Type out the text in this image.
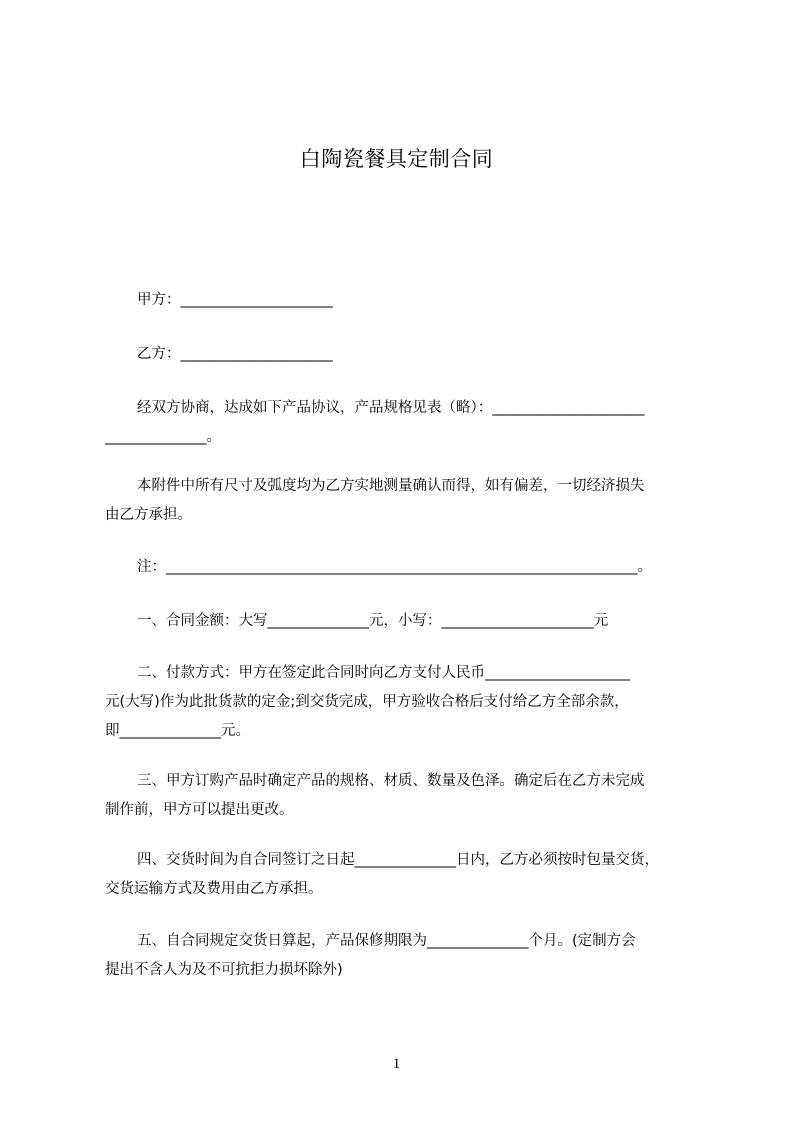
白陶瓷餐具定制合同
甲方：_____________________
乙方：_____________________
经双方协商，达成如下产品协议，产品规格见表（略）：_____________________
______________。
本附件中所有尺寸及弧度均为乙方实地测量确认而得，如有偏差，一切经济损失
由乙方承担。
注：_________________________________________________________________。
一、合同金额：大写______________元，小写：_____________________元
二、付款方式：甲方在签定此合同时向乙方支付人民币____________________
元(大写)作为此批货款的定金;到交货完成，甲方验收合格后支付给乙方全部余款，
即______________元。
三、甲方订购产品时确定产品的规格、材质、数量及色泽。确定后在乙方未完成
制作前，甲方可以提出更改。
四、交货时间为自合同签订之日起______________日内，乙方必须按时包量交货，
交货运输方式及费用由乙方承担。
五、自合同规定交货日算起，产品保修期限为______________个月。(定制方会
提出不含人为及不可抗拒力损坏除外)
1
